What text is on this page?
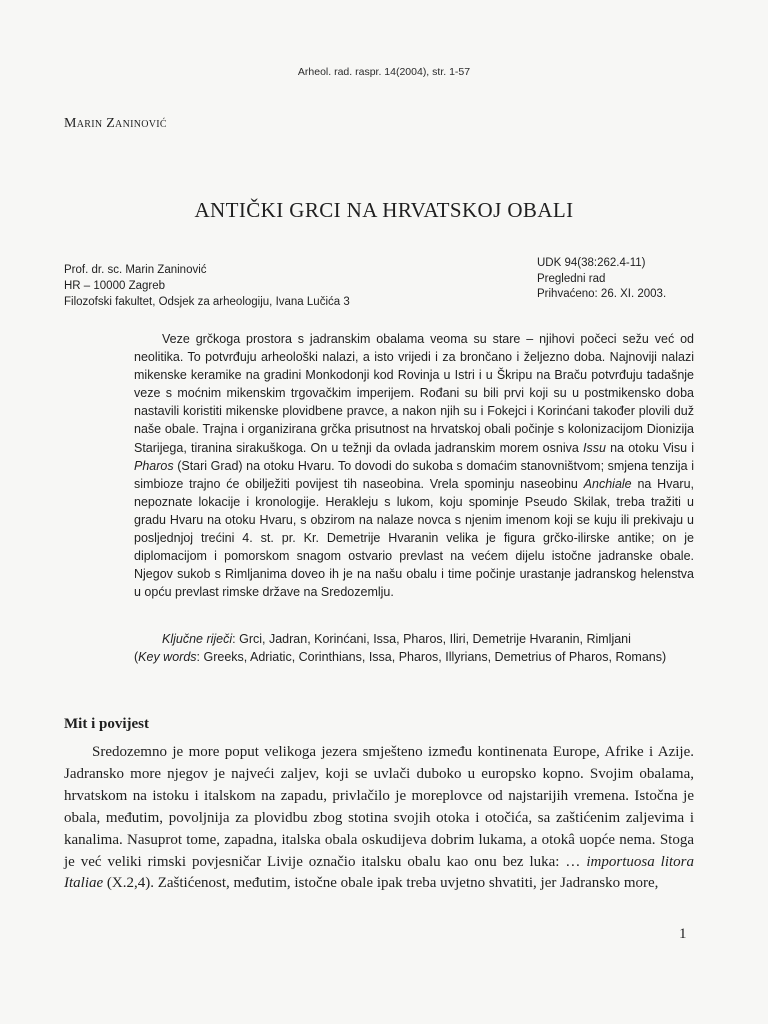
Arheol. rad. raspr. 14(2004), str. 1-57
Marin Zaninović
ANTIČKI GRCI NA HRVATSKOJ OBALI
Prof. dr. sc. Marin Zaninović
HR – 10000 Zagreb
Filozofski fakultet, Odsjek za arheologiju, Ivana Lučića 3
UDK 94(38:262.4-11)
Pregledni rad
Prihvaćeno: 26. XI. 2003.

Veze grčkoga prostora s jadranskim obalama veoma su stare – njihovi počeci sežu već od neolitika. To potvrđuju arheološki nalazi, a isto vrijedi i za brončano i željezno doba. Najnoviji nalazi mikenske keramike na gradini Monkodonji kod Rovinja u Istri i u Škripu na Braču potvrđuju tadašnje veze s moćnim mikenskim trgovačkim imperijem. Rođani su bili prvi koji su u postmikensko doba nastavili koristiti mikenske plovidbene pravce, a nakon njih su i Fokejci i Korinćani također plovili duž naše obale. Trajna i organizirana grčka prisutnost na hrvatskoj obali počinje s kolonizacijom Dionizija Starijega, tiranina sirakuškoga. On u težnji da ovlada jadranskim morem osniva Issu na otoku Visu i Pharos (Stari Grad) na otoku Hvaru. To dovodi do sukoba s domaćim stanovništvom; smjena tenzija i simbioze trajno će obilježiti povijest tih naseobina. Vrela spominju naseobinu Anchiale na Hvaru, nepoznate lokacije i kronologije. Herakleju s lukom, koju spominje Pseudo Skilak, treba tražiti u gradu Hvaru na otoku Hvaru, s obzirom na nalaze novca s njenim imenom koji se kuju ili prekivaju u posljednjoj trećini 4. st. pr. Kr. Demetrije Hvaranin velika je figura grčko-ilirske antike; on je diplomacijom i pomorskom snagom ostvario prevlast na većem dijelu istočne jadranske obale. Njegov sukob s Rimljanima doveo ih je na našu obalu i time počinje urastanje jadranskog helenstva u opću prevlast rimske države na Sredozemlju.

Ključne riječi: Grci, Jadran, Korinćani, Issa, Pharos, Iliri, Demetrije Hvaranin, Rimljani

(Key words: Greeks, Adriatic, Corinthians, Issa, Pharos, Illyrians, Demetrius of Pharos, Romans)

Mit i povijest

Sredozemno je more poput velikoga jezera smješteno između kontinenata Europe, Afrike i Azije. Jadransko more njegov je najveći zaljev, koji se uvlači duboko u europsko kopno. Svojim obalama, hrvatskom na istoku i italskom na zapadu, privlačilo je moreplovce od najstarijih vremena. Istočna je obala, međutim, povoljnija za plovidbu zbog stotina svojih otoka i otočića, sa zaštićenim zaljevima i kanalima. Nasuprot tome, zapadna, italska obala oskudijeva dobrim lukama, a otokâ uopće nema. Stoga je već veliki rimski povjesničar Livije označio italsku obalu kao onu bez luka: … importuosa litora Italiae (X.2,4). Zaštićenost, međutim, istočne obale ipak treba uvjetno shvatiti, jer Jadransko more,

1
